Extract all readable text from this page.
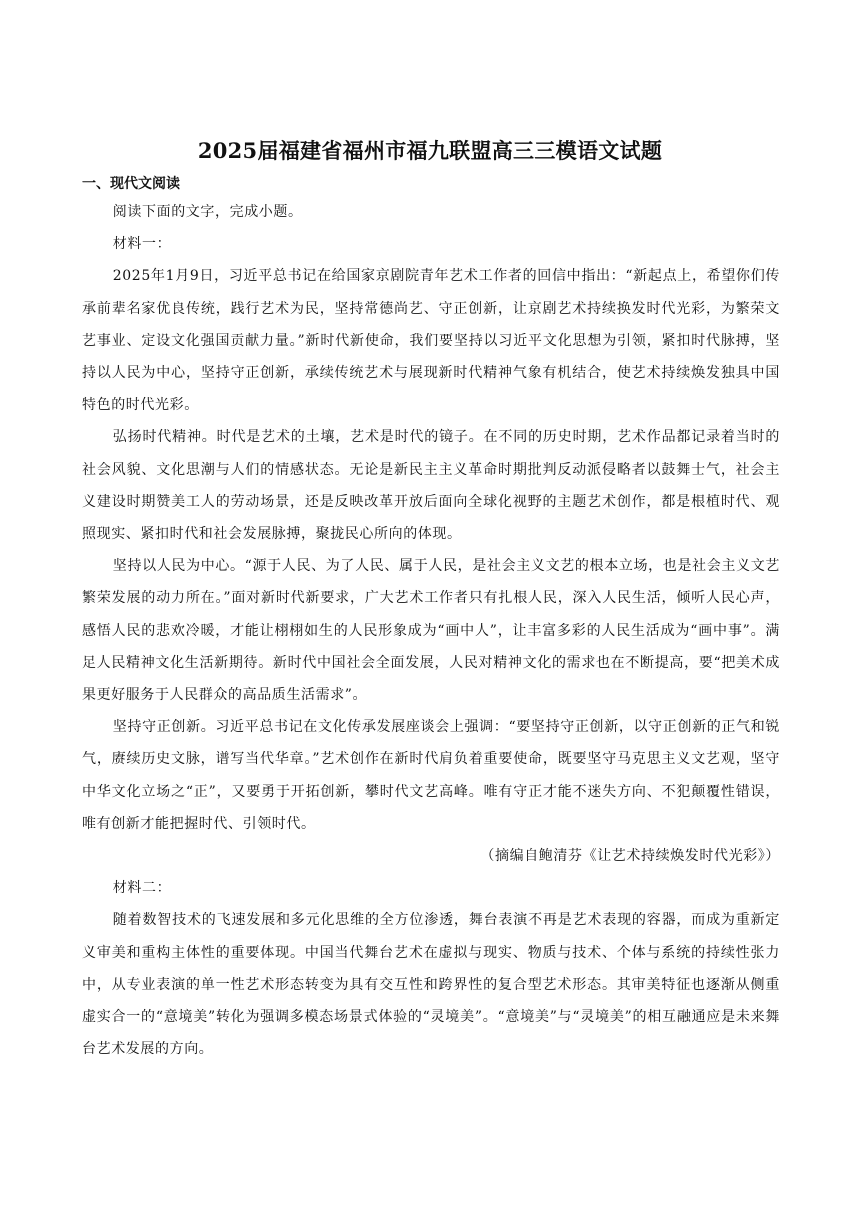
2025届福建省福州市福九联盟高三三模语文试题
一、现代文阅读

阅读下面的文字，完成小题。

材料一：

2025年1月9日，习近平总书记在给国家京剧院青年艺术工作者的回信中指出：“新起点上，希望你们传承前辈名家优良传统，践行艺术为民，坚持常德尚艺、守正创新，让京剧艺术持续换发时代光彩，为繁荣文艺事业、定设文化强国贡献力量。”新时代新使命，我们要坚持以习近平文化思想为引领，紧扣时代脉搏，坚持以人民为中心，坚持守正创新，承续传统艺术与展现新时代精神气象有机结合，使艺术持续焕发独具中国特色的时代光彩。

弘扬时代精神。时代是艺术的土壤，艺术是时代的镜子。在不同的历史时期，艺术作品都记录着当时的社会风貌、文化思潮与人们的情感状态。无论是新民主主义革命时期批判反动派侵略者以鼓舞士气，社会主义建设时期赞美工人的劳动场景，还是反映改革开放后面向全球化视野的主题艺术创作，都是根植时代、观照现实、紧扣时代和社会发展脉搏，聚拢民心所向的体现。

坚持以人民为中心。“源于人民、为了人民、属于人民，是社会主义文艺的根本立场，也是社会主义文艺繁荣发展的动力所在。”面对新时代新要求，广大艺术工作者只有扎根人民，深入人民生活，倾听人民心声，感悟人民的悲欢冷暖，才能让栩栩如生的人民形象成为“画中人”，让丰富多彩的人民生活成为“画中事”。满足人民精神文化生活新期待。新时代中国社会全面发展，人民对精神文化的需求也在不断提高，要“把美术成果更好服务于人民群众的高品质生活需求”。

坚持守正创新。习近平总书记在文化传承发展座谈会上强调：“要坚持守正创新，以守正创新的正气和锐气，赓续历史文脉，谱写当代华章。”艺术创作在新时代肩负着重要使命，既要坚守马克思主义文艺观，坚守中华文化立场之“正”，又要勇于开拓创新，攀时代文艺高峰。唯有守正才能不迷失方向、不犯颠覆性错误，唯有创新才能把握时代、引领时代。

（摘编自鲍清芬《让艺术持续焕发时代光彩》）

材料二：

随着数智技术的飞速发展和多元化思维的全方位渗透，舞台表演不再是艺术表现的容器，而成为重新定义审美和重构主体性的重要体现。中国当代舞台艺术在虚拟与现实、物质与技术、个体与系统的持续性张力中，从专业表演的单一性艺术形态转变为具有交互性和跨界性的复合型艺术形态。其审美特征也逐渐从侧重虚实合一的“意境美”转化为强调多模态场景式体验的“灵境美”。“意境美”与“灵境美”的相互融通应是未来舞台艺术发展的方向。
